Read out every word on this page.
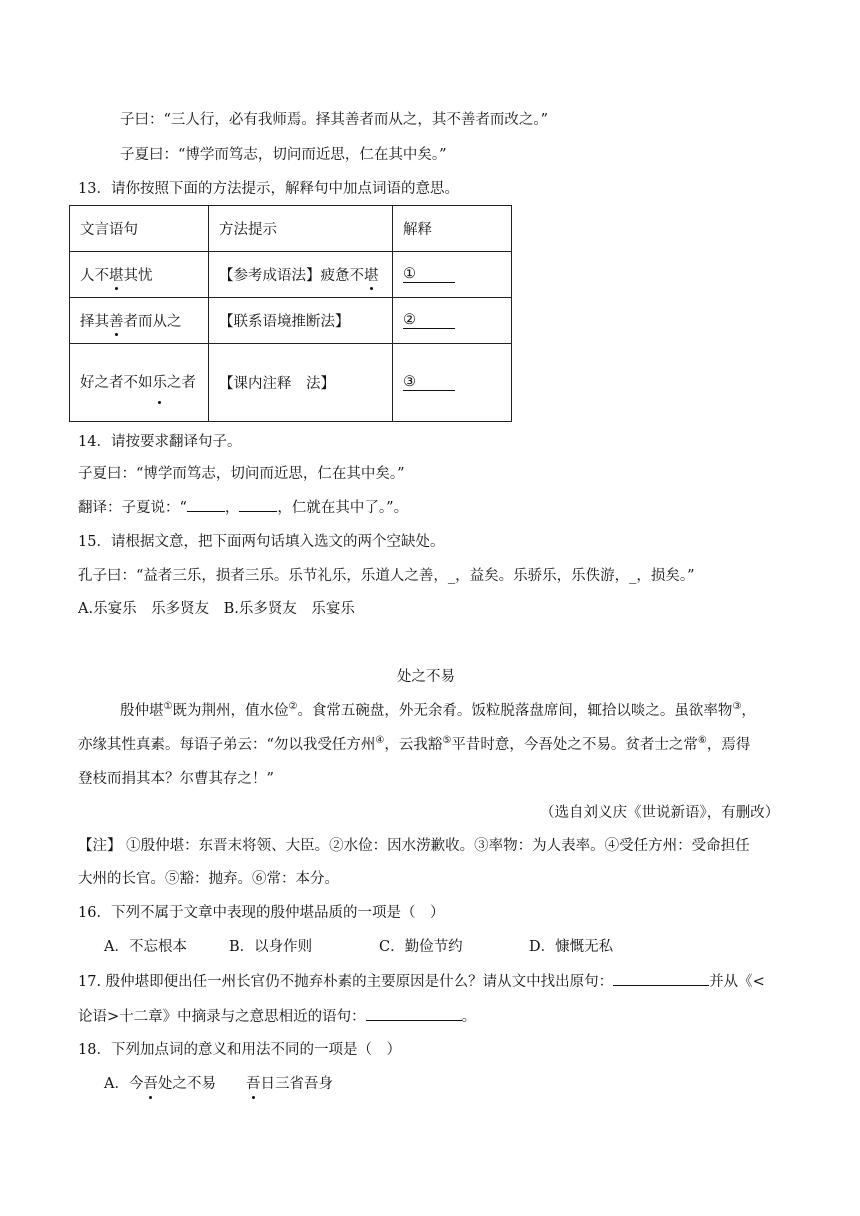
子曰：“三人行，必有我师焉。择其善者而从之，其不善者而改之。”
子夏曰：“博学而笃志，切问而近思，仁在其中矣。”
13．请你按照下面的方法提示，解释句中加点词语的意思。
文言语句	方法提示	解释
人不堪其忧	【参考成语法】疲惫不堪	①
择其善者而从之	【联系语境推断法】	②
好之者不如乐之者	【课内注释　法】	③
14．请按要求翻译句子。
子夏曰：“博学而笃志，切问而近思，仁在其中矣。”
翻译：子夏说：“	，	，仁就在其中了。”。
15．请根据文意，把下面两句话填入选文的两个空缺处。
孔子曰：“益者三乐，损者三乐。乐节礼乐，乐道人之善，_，益矣。乐骄乐，乐佚游，_，损矣。”
A.乐宴乐　乐多贤友　B.乐多贤友　乐宴乐
处之不易
殷仲堪①既为荆州，值水俭②。食常五碗盘，外无余肴。饭粒脱落盘席间，辄拾以啖之。虽欲率物③，
亦缘其性真素。每语子弟云：“勿以我受任方州④，云我豁⑤平昔时意，今吾处之不易。贫者士之常⑥，焉得
登枝而捐其本？尔曹其存之！”
（选自刘义庆《世说新语》，有删改）
【注】 ①殷仲堪：东晋末将领、大臣。②水俭：因水涝歉收。③率物：为人表率。④受任方州：受命担任
大州的长官。⑤豁：抛弃。⑥常：本分。
16．下列不属于文章中表现的殷仲堪品质的一项是（　）
A．不忘根本	B．以身作则	C．勤俭节约	D．慷慨无私
17. 殷仲堪即便出任一州长官仍不抛弃朴素的主要原因是什么？请从文中找出原句：	并从《<
论语>十二章》中摘录与之意思相近的语句：	。
18．下列加点词的意义和用法不同的一项是（　）
A．今吾处之不易 吾日三省吾身
